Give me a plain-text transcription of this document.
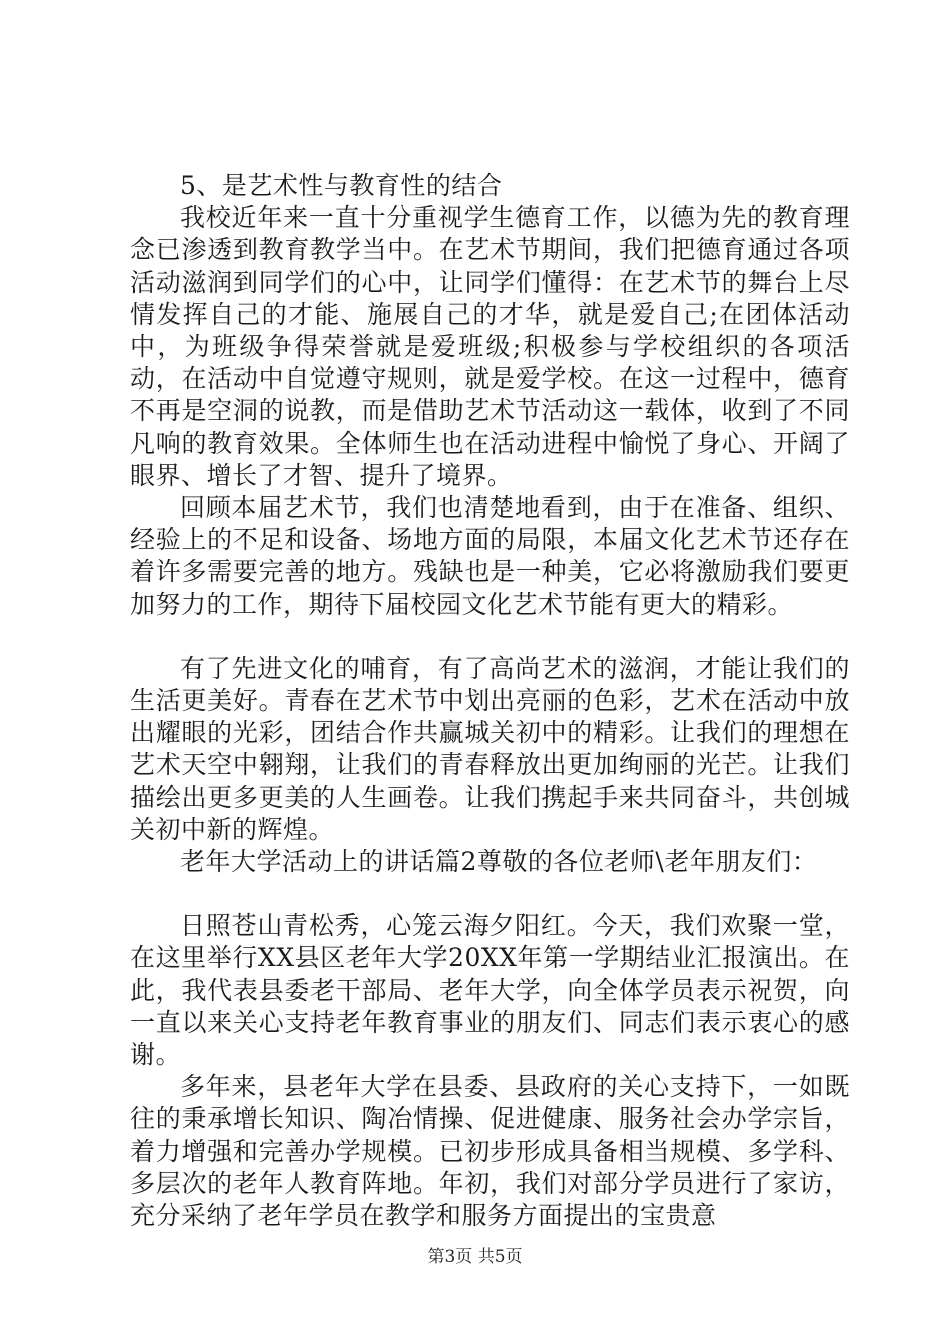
5、是艺术性与教育性的结合

我校近年来一直十分重视学生德育工作，以德为先的教育理念已渗透到教育教学当中。在艺术节期间，我们把德育通过各项活动滋润到同学们的心中，让同学们懂得：在艺术节的舞台上尽情发挥自己的才能、施展自己的才华，就是爱自己;在团体活动中，为班级争得荣誉就是爱班级;积极参与学校组织的各项活动，在活动中自觉遵守规则，就是爱学校。在这一过程中，德育不再是空洞的说教，而是借助艺术节活动这一载体，收到了不同凡响的教育效果。全体师生也在活动进程中愉悦了身心、开阔了眼界、增长了才智、提升了境界。

回顾本届艺术节，我们也清楚地看到，由于在准备、组织、经验上的不足和设备、场地方面的局限，本届文化艺术节还存在着许多需要完善的地方。残缺也是一种美，它必将激励我们要更加努力的工作，期待下届校园文化艺术节能有更大的精彩。

有了先进文化的哺育，有了高尚艺术的滋润，才能让我们的生活更美好。青春在艺术节中划出亮丽的色彩，艺术在活动中放出耀眼的光彩，团结合作共赢城关初中的精彩。让我们的理想在艺术天空中翱翔，让我们的青春释放出更加绚丽的光芒。让我们描绘出更多更美的人生画卷。让我们携起手来共同奋斗，共创城关初中新的辉煌。

老年大学活动上的讲话篇2尊敬的各位老师\老年朋友们：

日照苍山青松秀，心笼云海夕阳红。今天，我们欢聚一堂，在这里举行XX县区老年大学20XX年第一学期结业汇报演出。在此，我代表县委老干部局、老年大学，向全体学员表示祝贺，向一直以来关心支持老年教育事业的朋友们、同志们表示衷心的感谢。

多年来，县老年大学在县委、县政府的关心支持下，一如既往的秉承增长知识、陶冶情操、促进健康、服务社会办学宗旨，着力增强和完善办学规模。已初步形成具备相当规模、多学科、多层次的老年人教育阵地。年初，我们对部分学员进行了家访，充分采纳了老年学员在教学和服务方面提出的宝贵意

第3页 共5页
